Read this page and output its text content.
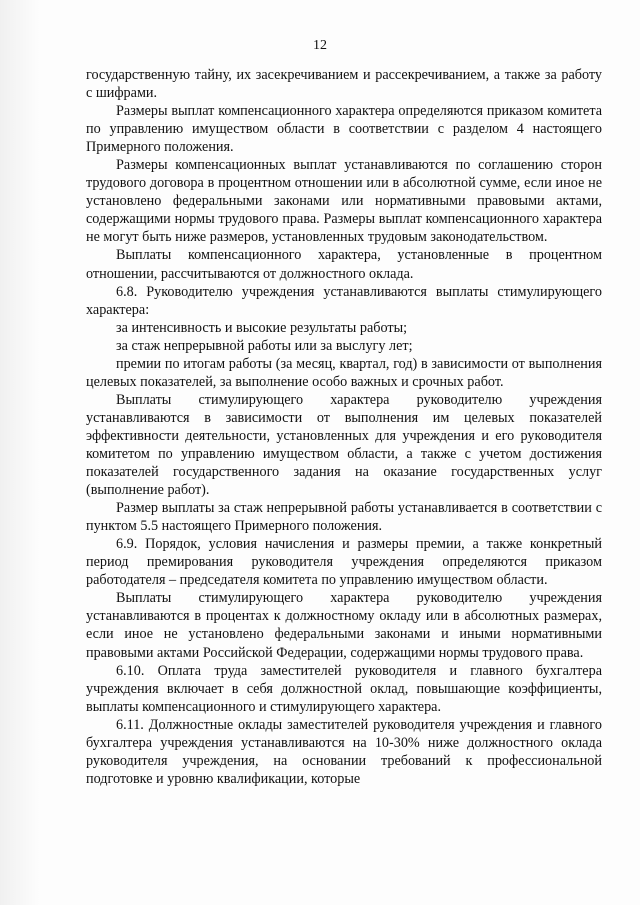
12

государственную тайну, их засекречиванием и рассекречиванием, а также за работу с шифрами.

Размеры выплат компенсационного характера определяются приказом комитета по управлению имуществом области в соответствии с разделом 4 настоящего Примерного положения.

Размеры компенсационных выплат устанавливаются по соглашению сторон трудового договора в процентном отношении или в абсолютной сумме, если иное не установлено федеральными законами или нормативными правовыми актами, содержащими нормы трудового права. Размеры выплат компенсационного характера не могут быть ниже размеров, установленных трудовым законодательством.

Выплаты компенсационного характера, установленные в процентном отношении, рассчитываются от должностного оклада.

6.8. Руководителю учреждения устанавливаются выплаты стимулирующего характера:

за интенсивность и высокие результаты работы;

за стаж непрерывной работы или за выслугу лет;

премии по итогам работы (за месяц, квартал, год) в зависимости от выполнения целевых показателей, за выполнение особо важных и срочных работ.

Выплаты стимулирующего характера руководителю учреждения устанавливаются в зависимости от выполнения им целевых показателей эффективности деятельности, установленных для учреждения и его руководителя комитетом по управлению имуществом области, а также с учетом достижения показателей государственного задания на оказание государственных услуг (выполнение работ).

Размер выплаты за стаж непрерывной работы устанавливается в соответствии с пунктом 5.5 настоящего Примерного положения.

6.9. Порядок, условия начисления и размеры премии, а также конкретный период премирования руководителя учреждения определяются приказом работодателя – председателя комитета по управлению имуществом области.

Выплаты стимулирующего характера руководителю учреждения устанавливаются в процентах к должностному окладу или в абсолютных размерах, если иное не установлено федеральными законами и иными нормативными правовыми актами Российской Федерации, содержащими нормы трудового права.

6.10. Оплата труда заместителей руководителя и главного бухгалтера учреждения включает в себя должностной оклад, повышающие коэффициенты, выплаты компенсационного и стимулирующего характера.

6.11. Должностные оклады заместителей руководителя учреждения и главного бухгалтера учреждения устанавливаются на 10-30% ниже должностного оклада руководителя учреждения, на основании требований к профессиональной подготовке и уровню квалификации, которые
